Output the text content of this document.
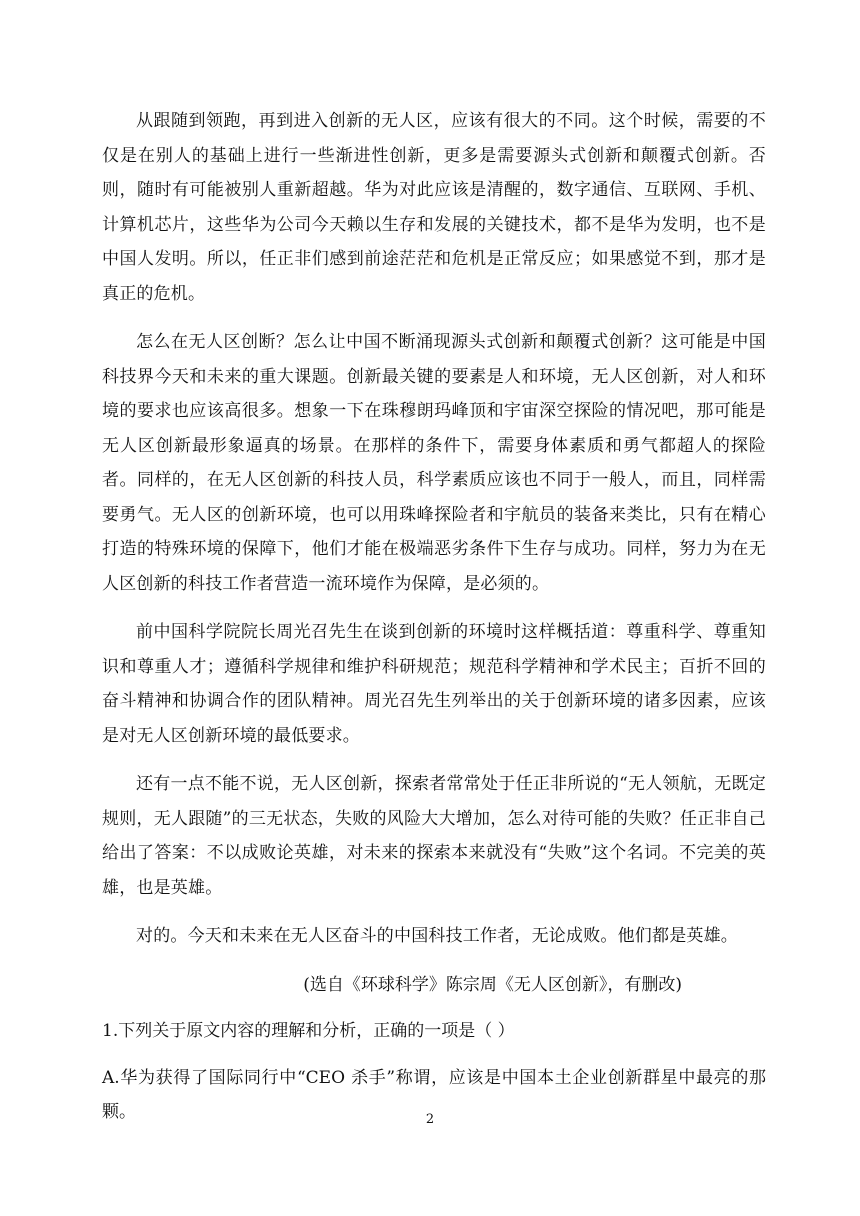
从跟随到领跑，再到进入创新的无人区，应该有很大的不同。这个时候，需要的不仅是在别人的基础上进行一些渐进性创新，更多是需要源头式创新和颠覆式创新。否则，随时有可能被别人重新超越。华为对此应该是清醒的，数字通信、互联网、手机、计算机芯片，这些华为公司今天赖以生存和发展的关键技术，都不是华为发明，也不是中国人发明。所以，任正非们感到前途茫茫和危机是正常反应；如果感觉不到，那才是真正的危机。

怎么在无人区创断？怎么让中国不断涌现源头式创新和颠覆式创新？这可能是中国科技界今天和未来的重大课题。创新最关键的要素是人和环境，无人区创新，对人和环境的要求也应该高很多。想象一下在珠穆朗玛峰顶和宇宙深空探险的情况吧，那可能是无人区创新最形象逼真的场景。在那样的条件下，需要身体素质和勇气都超人的探险者。同样的，在无人区创新的科技人员，科学素质应该也不同于一般人，而且，同样需要勇气。无人区的创新环境，也可以用珠峰探险者和宇航员的装备来类比，只有在精心打造的特殊环境的保障下，他们才能在极端恶劣条件下生存与成功。同样，努力为在无人区创新的科技工作者营造一流环境作为保障，是必须的。

前中国科学院院长周光召先生在谈到创新的环境时这样概括道：尊重科学、尊重知识和尊重人才；遵循科学规律和维护科研规范；规范科学精神和学术民主；百折不回的奋斗精神和协调合作的团队精神。周光召先生列举出的关于创新环境的诸多因素，应该是对无人区创新环境的最低要求。

还有一点不能不说，无人区创新，探索者常常处于任正非所说的“无人领航，无既定规则，无人跟随”的三无状态，失败的风险大大增加，怎么对待可能的失败？任正非自己给出了答案：不以成败论英雄，对未来的探索本来就没有“失败”这个名词。不完美的英雄，也是英雄。

对的。今天和未来在无人区奋斗的中国科技工作者，无论成败。他们都是英雄。

(选自《环球科学》陈宗周《无人区创新》，有删改)

1.下列关于原文内容的理解和分析，正确的一项是（ ）

A.华为获得了国际同行中“CEO 杀手”称谓，应该是中国本土企业创新群星中最亮的那颗。	2
